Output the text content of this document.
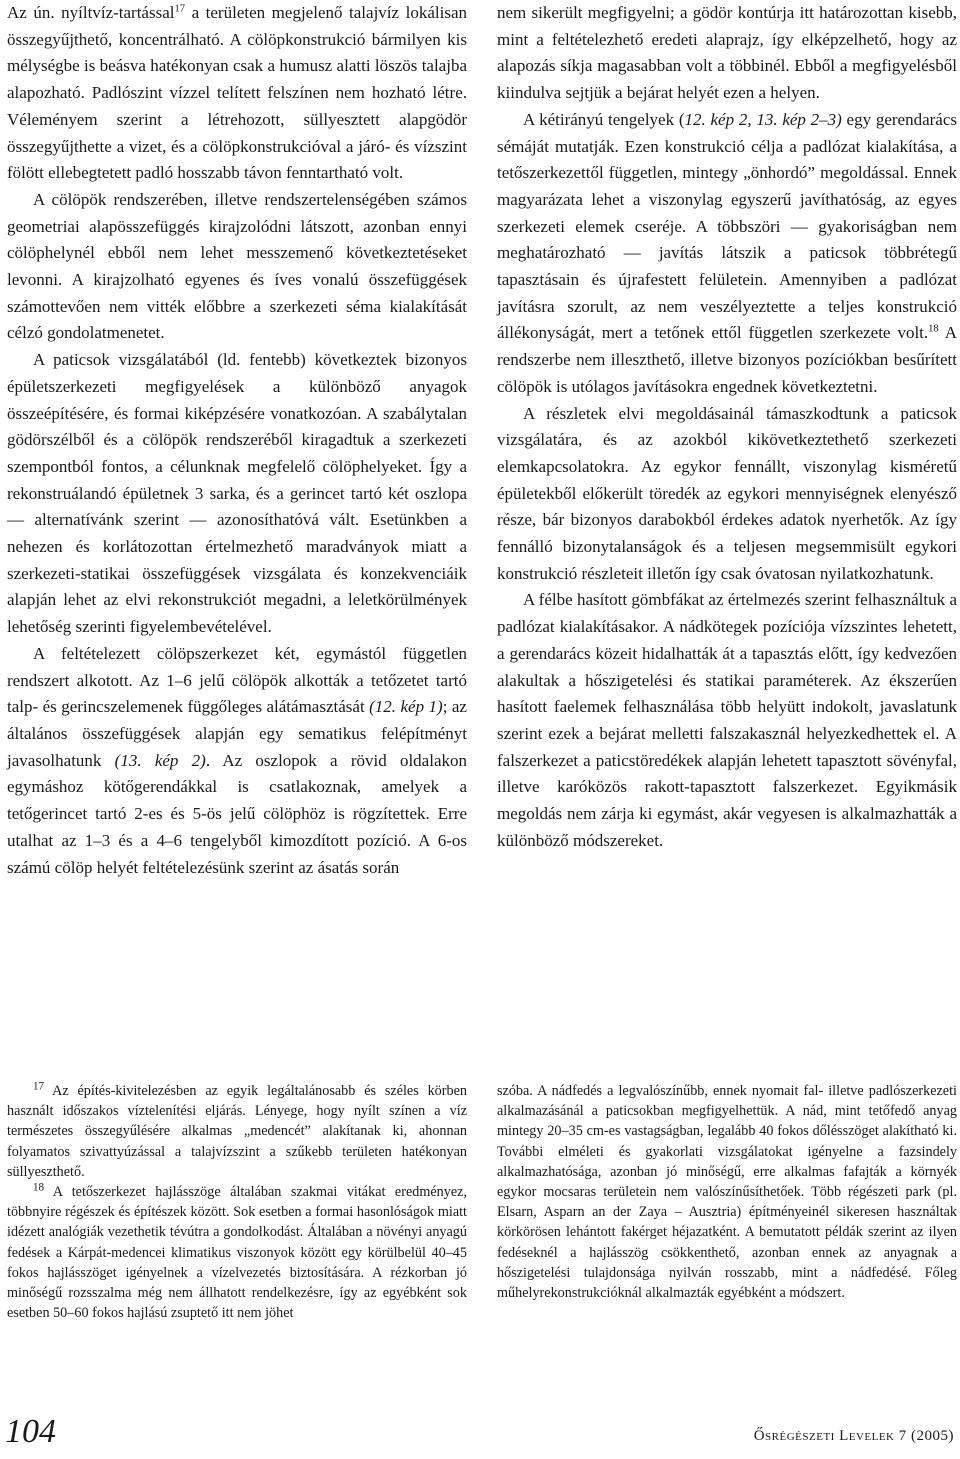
Az ún. nyíltvíz-tartással$^{17}$ a területen megjelenő talajvíz lokálisan összegyűjthető, koncentrálható. A cölöpkonstrukció bármilyen kis mélységbe is beásva hatékonyan csak a humusz alatti löszös talajba alapozható. Padlószint vízzel telített felszínen nem hozható létre. Véleményem szerint a létrehozott, süllyesztett alapgödör összegyűjthette a vizet, és a cölöpkonstrukcióval a járó- és vízszint fölött ellebegtetett padló hosszabb távon fenntartható volt.

A cölöpök rendszerében, illetve rendszertelenségében számos geometriai alapösszefüggés kirajzolódni látszott, azonban ennyi cölöphelynél ebből nem lehet messzemenő következtetéseket levonni. A kirajzolható egyenes és íves vonalú összefüggések számottevően nem vitték előbbre a szerkezeti séma kialakítását célzó gondolatmenetet.

A paticsok vizsgálatából (ld. fentebb) következtek bizonyos épületszerkezeti megfigyelések a különböző anyagok összeépítésére, és formai kiképzésére vonatkozóan. A szabálytalan gödörszélből és a cölöpök rendszeréből kiragadtuk a szerkezeti szempontból fontos, a célunknak megfelelő cölöphelyeket. Így a rekonstruálandó épületnek 3 sarka, és a gerincet tartó két oszlopa — alternatívánk szerint — azonosíthatóvá vált. Esetünkben a nehezen és korlátozottan értelmezhető maradványok miatt a szerkezeti-statikai összefüggések vizsgálata és konzekvenciáik alapján lehet az elvi rekonstrukciót megadni, a leletkörülmények lehetőség szerinti figyelembevételével.

A feltételezett cölöpszerkezet két, egymástól független rendszert alkotott. Az 1–6 jelű cölöpök alkották a tetőzetet tartó talp- és gerincszelemenek függőleges alátámasztását (12. kép 1); az általános összefüggések alapján egy sematikus felépítményt javasolhatunk (13. kép 2). Az oszlopok a rövid oldalakon egymáshoz kötőgerendákkal is csatlakoznak, amelyek a tetőgerincet tartó 2-es és 5-ös jelű cölöphöz is rögzítettek. Erre utalhat az 1–3 és a 4–6 tengelyből kimozdított pozíció. A 6-os számú cölöp helyét feltételezésünk szerint az ásatás során

nem sikerült megfigyelni; a gödör kontúrja itt határozottan kisebb, mint a feltételezhető eredeti alaprajz, így elképzelhető, hogy az alapozás síkja magasabban volt a többinél. Ebből a megfigyelésből kiindulva sejtjük a bejárat helyét ezen a helyen.

A kétirányú tengelyek (12. kép 2, 13. kép 2–3) egy gerendarács sémáját mutatják. Ezen konstrukció célja a padlózat kialakítása, a tetőszerkezettől független, mintegy „önhordó” megoldással. Ennek magyarázata lehet a viszonylag egyszerű javíthatóság, az egyes szerkezeti elemek cseréje. A többszöri — gyakoriságban nem meghatározható — javítás látszik a paticsok többrétegű tapasztásain és újrafestett felületein. Amennyiben a padlózat javításra szorult, az nem veszélyeztette a teljes konstrukció állékonyságát, mert a tetőnek ettől független szerkezete volt.$^{18}$ A rendszerbe nem illeszthető, illetve bizonyos pozíciókban besűrített cölöpök is utólagos javításokra engednek következtetni.

A részletek elvi megoldásainál támaszkodtunk a paticsok vizsgálatára, és az azokból kikövetkeztethető szerkezeti elemkapcsolatokra. Az egykor fennállt, viszonylag kisméretű épületekből előkerült töredék az egykori mennyiségnek elenyésző része, bár bizonyos darabokból érdekes adatok nyerhetők. Az így fennálló bizonytalanságok és a teljesen megsemmisült egykori konstrukció részleteit illetőn így csak óvatosan nyilatkozhatunk.

A félbe hasított gömbfákat az értelmezés szerint felhasználtuk a padlózat kialakításakor. A nádkötegek pozíciója vízszintes lehetett, a gerendarács közeit hidalhatták át a tapasztás előtt, így kedvezően alakultak a hőszigetelési és statikai paraméterek. Az ékszerűen hasított faelemek felhasználása több helyütt indokolt, javaslatunk szerint ezek a bejárat melletti falszakasznál helyezkedhettek el. A falszerkezet a paticstöredékek alapján lehetett tapasztott sövényfal, illetve karóközös rakott-tapasztott falszerkezet. Egyikmásik megoldás nem zárja ki egymást, akár vegyesen is alkalmazhatták a különböző módszereket.

$^{17}$ Az építés-kivitelezésben az egyik legáltalánosabb és széles körben használt időszakos víztelenítési eljárás. Lényege, hogy nyílt színen a víz természetes összegyűlésére alkalmas „medencét” alakítanak ki, ahonnan folyamatos szivattyúzással a talajvízszint a szűkebb területen hatékonyan süllyeszthető.

$^{18}$ A tetőszerkezet hajlásszöge általában szakmai vitákat eredményez, többnyire régészek és építészek között. Sok esetben a formai hasonlóságok miatt idézett analógiák vezethetik tévútra a gondolkodást. Általában a növényi anyagú fedések a Kárpát-medencei klimatikus viszonyok között egy körülbelül 40–45 fokos hajlásszöget igényelnek a vízelvezetés biztosítására. A rézkorban jó minőségű rozsszalma még nem állhatott rendelkezésre, így az egyébként sok esetben 50–60 fokos hajlású zsuptető itt nem jöhet

szóba. A nádfedés a legvalószínűbb, ennek nyomait fal- illetve padlószerkezeti alkalmazásánál a paticsokban megfigyelhettük. A nád, mint tetőfedő anyag mintegy 20–35 cm-es vastagságban, legalább 40 fokos dőlésszöget alakítható ki. További elméleti és gyakorlati vizsgálatokat igényelne a fazsindely alkalmazhatósága, azonban jó minőségű, erre alkalmas fafajták a környék egykor mocsaras területein nem valószínűsíthetőek. Több régészeti park (pl. Elsarn, Asparn an der Zaya – Ausztria) építményeinél sikeresen használtak körkörösen lehántott fakérget héjazatként. A bemutatott példák szerint az ilyen fedéseknél a hajlásszög csökkenthető, azonban ennek az anyagnak a hőszigetelési tulajdonsága nyilván rosszabb, mint a nádfedésé. Főleg műhelyrekonstrukcióknál alkalmazták egyébként a módszert.

104	Ősrégészeti Levelek 7 (2005)
